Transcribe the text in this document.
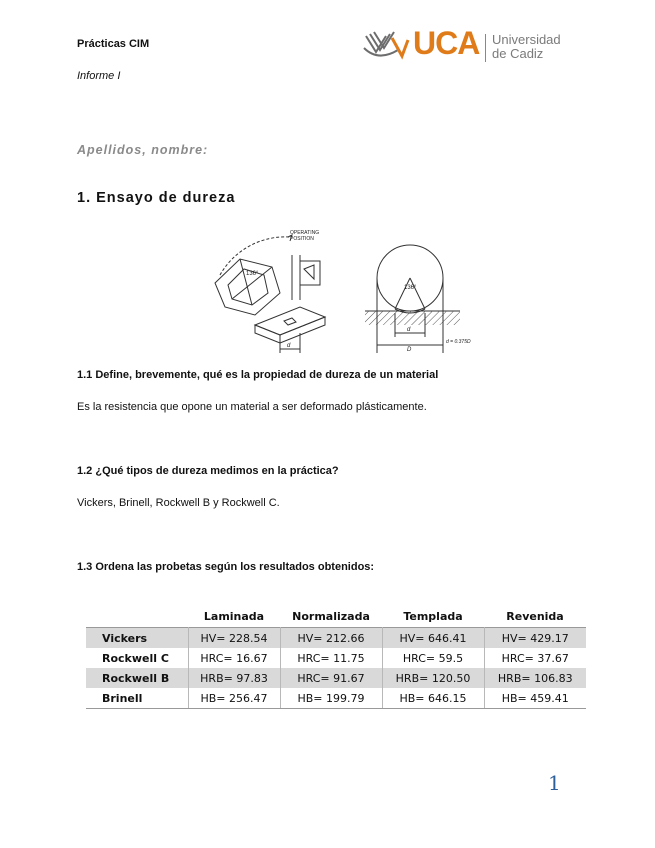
Prácticas CIM
Informe I
UCA Universidad
de Cadiz
Apellidos, nombre:
1. Ensayo de dureza
OPERATING
POSITION
136°
136°
d
d
D
d = 0.375D
1.1 Define, brevemente, qué es la propiedad de dureza de un material
Es la resistencia que opone un material a ser deformado plásticamente.
1.2 ¿Qué tipos de dureza medimos en la práctica?
Vickers, Brinell, Rockwell B y Rockwell C.
1.3 Ordena las probetas según los resultados obtenidos:
	Laminada	Normalizada	Templada	Revenida
Vickers	HV= 228.54	HV= 212.66	HV= 646.41	HV= 429.17
Rockwell C	HRC= 16.67	HRC= 11.75	HRC= 59.5	HRC= 37.67
Rockwell B	HRB= 97.83	HRC= 91.67	HRB= 120.50	HRB= 106.83
Brinell	HB= 256.47	HB= 199.79	HB= 646.15	HB= 459.41
1
